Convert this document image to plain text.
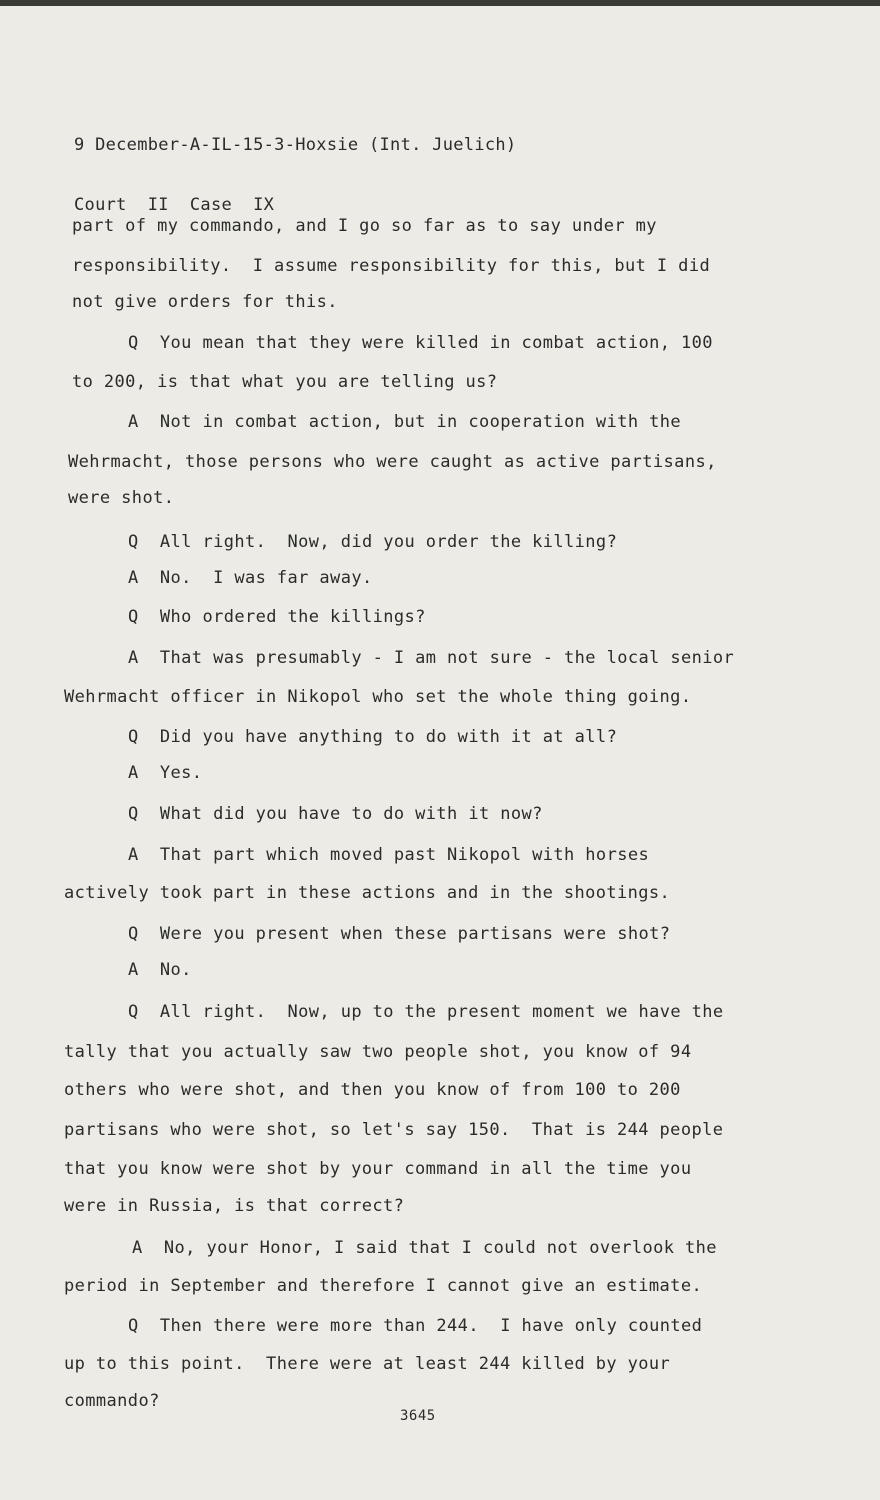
9 December-A-IL-15-3-Hoxsie (Int. Juelich)

Court  II  Case  IX

part of my commando, and I go so far as to say under my
responsibility.  I assume responsibility for this, but I did
not give orders for this.
Q  You mean that they were killed in combat action, 100
to 200, is that what you are telling us?
A  Not in combat action, but in cooperation with the
Wehrmacht, those persons who were caught as active partisans,
were shot.
Q  All right.  Now, did you order the killing?
A  No.  I was far away.
Q  Who ordered the killings?
A  That was presumably - I am not sure - the local senior
Wehrmacht officer in Nikopol who set the whole thing going.
Q  Did you have anything to do with it at all?
A  Yes.
Q  What did you have to do with it now?
A  That part which moved past Nikopol with horses
actively took part in these actions and in the shootings.
Q  Were you present when these partisans were shot?
A  No.
Q  All right.  Now, up to the present moment we have the
tally that you actually saw two people shot, you know of 94
others who were shot, and then you know of from 100 to 200
partisans who were shot, so let's say 150.  That is 244 people
that you know were shot by your command in all the time you
were in Russia, is that correct?
A  No, your Honor, I said that I could not overlook the
period in September and therefore I cannot give an estimate.
Q  Then there were more than 244.  I have only counted
up to this point.  There were at least 244 killed by your
commando?
3645
